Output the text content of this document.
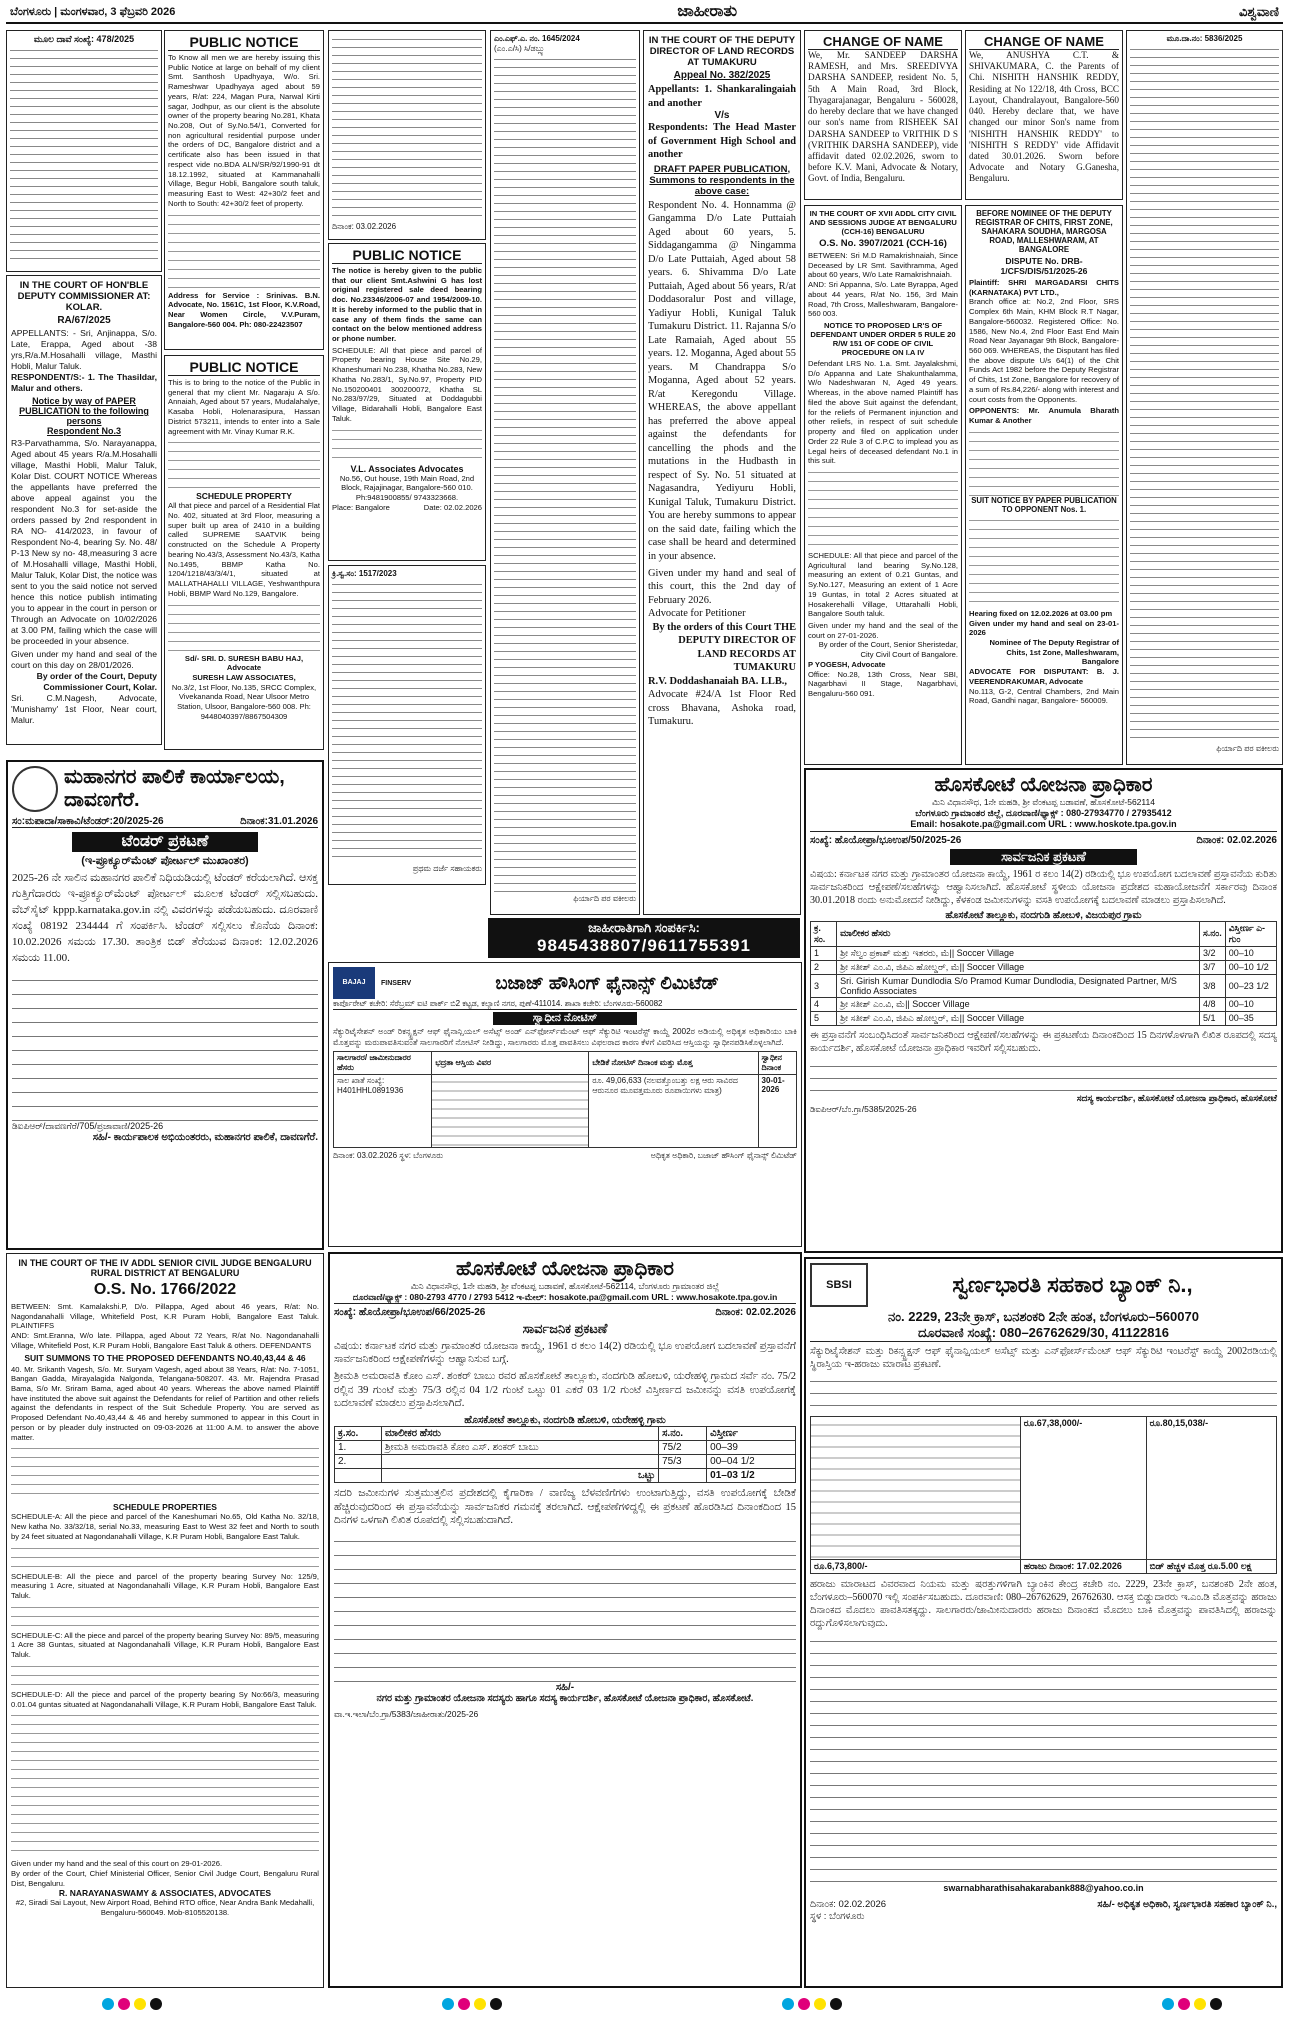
ಬೆಂಗಳೂರು | ಮಂಗಳವಾರ, 3 ಫೆಬ್ರವರಿ 2026	ಜಾಹೀರಾತು	ವಿಶ್ವವಾಣಿ
ಮೂಲ ದಾವೆ ಸಂಖ್ಯೆ: 478/2025
IN THE COURT OF HON'BLE DEPUTY COMMISSIONER AT: KOLAR.
RA/67/2025
APPELLANTS: - Sri, Anjinappa, S/o. Late, Erappa, Aged about -38 yrs,R/a.M.Hosahalli village, Masthi Hobli, Malur Taluk.
RESPONDENT/S:- 1. The Thasildar, Malur and others.
Notice by way of PAPER PUBLICATION to the following persons
Respondent No.3
R3-Parvathamma, S/o. Narayanappa, Aged about 45 years R/a.M.Hosahalli village, Masthi Hobli, Malur Taluk, Kolar Dist. COURT NOTICE Whereas the appellants have preferred the above appeal against you the respondent No.3 for set-aside the orders passed by 2nd respondent in RA NO- 414/2023, in favour of Respondent No-4, bearing Sy. No. 48/ P-13 New sy no- 48,measuring 3 acre of M.Hosahalli village, Masthi Hobli, Malur Taluk, Kolar Dist, the notice was sent to you the said notice not served hence this notice publish intimating you to appear in the court in person or Through an Advocate on 10/02/2026 at 3.00 PM, failing which the case will be proceeded in your absence.
Given under my hand and seal of the court on this day on 28/01/2026.
By order of the Court, Deputy Commissioner Court, Kolar.
Sri. C.M.Nagesh, Advocate, 'Munishamy' 1st Floor, Near court, Malur.
PUBLIC NOTICE
To Know all men we are hereby issuing this Public Notice at large on behalf of my client Smt. Santhosh Upadhyaya, W/o. Sri. Rameshwar Upadhyaya aged about 59 years, R/at: 224, Magan Pura, Narwal Kirti sagar, Jodhpur, as our client is the absolute owner of the property bearing No.281, Khata No.208, Out of Sy.No.54/1, Converted for non agricultural residential purpose under the orders of DC, Bangalore district and a certificate also has been issued in that respect vide no.BDA ALN/SR/92/1990-91 dt 18.12.1992, situated at Kammanahalli Village, Begur Hobli, Bangalore south taluk, measuring East to West: 42+30/2 feet and North to South: 42+30/2 feet of property.
Address for Service : Srinivas. B.N. Advocate, No. 1561C, 1st Floor, K.V.Road, Near Women Circle, V.V.Puram, Bangalore-560 004. Ph: 080-22423507
PUBLIC NOTICE
This is to bring to the notice of the Public in general that my client Mr. Nagaraju A S/o. Annaiah, Aged about 57 years, Mudalahalye, Kasaba Hobli, Holenarasipura, Hassan District 573211, intends to enter into a Sale agreement with Mr. Vinay Kumar R.K.
SCHEDULE PROPERTY
All that piece and parcel of a Residential Flat No. 402, situated at 3rd Floor, measuring a super built up area of 2410 in a building called SUPREME SAATVIK being constructed on the Schedule A Property bearing No.43/3, Assessment No.43/3, Katha No.1495, BBMP Katha No. 1204/1218/43/3/4/1, situated at MALLATHAHALLI VILLAGE, Yeshwanthpura Hobli, BBMP Ward No.129, Bangalore.
Sd/- SRI. D. SURESH BABU HAJ, Advocate
SURESH LAW ASSOCIATES,
No.3/2, 1st Floor, No.135, SRCC Complex, Vivekananda Road, Near Ulsoor Metro Station, Ulsoor, Bangalore-560 008. Ph: 9448040397/8867504309
ದಿನಾಂಕ: 03.02.2026
PUBLIC NOTICE
The notice is hereby given to the public that our client Smt.Ashwini G has lost original registered sale deed bearing doc. No.23346/2006-07 and 1954/2009-10. It is hereby informed to the public that in case any of them finds the same can contact on the below mentioned address or phone number.
SCHEDULE: All that piece and parcel of Property bearing House Site No.29, Khaneshumari No.238, Khatha No.283, New Khatha No.283/1, Sy.No.97, Property PID No.150200401 300200072, Khatha SL No.283/97/29, Situated at Doddagubbi Village, Bidarahalli Hobli, Bangalore East Taluk.
V.L. Associates Advocates
No.56, Out house, 19th Main Road, 2nd Block, Rajajinagar, Bangalore-560 010. Ph:9481900855/ 9743323668.
Place: Bangalore	Date: 02.02.2026
ಕ್ರಿ.ಸ್ವ.ಸಂ: 1517/2023
ಪ್ರಥಮ ದರ್ಜೆ ಸಹಾಯಕರು
ಎಂ.ಎಫ್.ಎ. ನಂ. 1645/2024
(ಎಂ.ಎ/ಸಿ) ಸಿ/ಡಬ್ಲ್ಯು
ಫಿರ್ಯಾದಿ ಪರ ವಕೀಲರು
IN THE COURT OF THE DEPUTY DIRECTOR OF LAND RECORDS AT TUMAKURU
Appeal No. 382/2025
Appellants: 1. Shankaralingaiah and another
V/s
Respondents: The Head Master of Government High School and another
DRAFT PAPER PUBLICATION, Summons to respondents in the above case:
Respondent No. 4. Honnamma @ Gangamma D/o Late Puttaiah Aged about 60 years, 5. Siddagangamma @ Ningamma D/o Late Puttaiah, Aged about 58 years. 6. Shivamma D/o Late Puttaiah, Aged about 56 years, R/at Doddasoralur Post and village, Yadiyur Hobli, Kunigal Taluk Tumakuru District. 11. Rajanna S/o Late Ramaiah, Aged about 55 years. 12. Moganna, Aged about 55 years. M Chandrappa S/o Moganna, Aged about 52 years. R/at Keregondu Village. WHEREAS, the above appellant has preferred the above appeal against the defendants for cancelling the phods and the mutations in the Hudbasth in respect of Sy. No. 51 situated at Nagasandra, Yediyuru Hobli, Kunigal Taluk, Tumakuru District. You are hereby summons to appear on the said date, failing which the case shall be heard and determined in your absence.
Given under my hand and seal of this court, this the 2nd day of February 2026.
Advocate for Petitioner
By the orders of this Court THE DEPUTY DIRECTOR OF LAND RECORDS AT TUMAKURU
R.V. Doddashanaiah BA. LLB.,
Advocate #24/A 1st Floor Red cross Bhavana, Ashoka road, Tumakuru.
CHANGE OF NAME
We, Mr. SANDEEP DARSHA RAMESH, and Mrs. SREEDIVYA DARSHA SANDEEP, resident No. 5, 5th A Main Road, 3rd Block, Thyagarajanagar, Bengaluru - 560028, do hereby declare that we have changed our son's name from RISHEEK SAI DARSHA SANDEEP to VRITHIK D S (VRITHIK DARSHA SANDEEP), vide affidavit dated 02.02.2026, sworn to before K.V. Mani, Advocate & Notary, Govt. of India, Bengaluru.
IN THE COURT OF XVII ADDL CITY CIVIL AND SESSIONS JUDGE AT BENGALURU (CCH-16) BENGALURU
O.S. No. 3907/2021 (CCH-16)
BETWEEN: Sri M.D Ramakrishnaiah, Since Deceased by LR Smt. Savithramma, Aged about 60 years, W/o Late Ramakrishnaiah.
AND: Sri Appanna, S/o. Late Byrappa, Aged about 44 years, R/at No. 156, 3rd Main Road, 7th Cross, Malleshwaram, Bangalore-560 003.
NOTICE TO PROPOSED LR'S OF DEFENDANT UNDER ORDER 5 RULE 20 R/W 151 OF CODE OF CIVIL PROCEDURE ON I.A IV
Defendant LRS No. 1.a. Smt. Jayalakshmi, D/o Appanna and Late Shakunthalamma, W/o Nadeshwaran N, Aged 49 years. Whereas, in the above named Plaintiff has filed the above Suit against the defendant, for the reliefs of Permanent injunction and other reliefs, in respect of suit schedule property and filed on application under Order 22 Rule 3 of C.P.C to implead you as Legal heirs of deceased defendant No.1 in this suit.
SCHEDULE: All that piece and parcel of the Agricultural land bearing Sy.No.128, measuring an extent of 0.21 Guntas, and Sy.No.127, Measuring an extent of 1 Acre 19 Guntas, in total 2 Acres situated at Hosakerehalli Village, Uttarahalli Hobli, Bangalore South taluk.
Given under my hand and the seal of the court on 27-01-2026.
By order of the Court, Senior Sheristedar, City Civil Court of Bangalore.
P YOGESH, Advocate
Office: No.28, 13th Cross, Near SBI, Nagarbhavi II Stage, Nagarbhavi, Bengaluru-560 091.
CHANGE OF NAME
We, ANUSHYA C.T. & SHIVAKUMARA, C. the Parents of Chi. NISHITH HANSHIK REDDY, Residing at No 122/18, 4th Cross, BCC Layout, Chandralayout, Bangalore-560 040. Hereby declare that, we have changed our minor Son's name from 'NISHITH HANSHIK REDDY' to 'NISHITH S REDDY' vide Affidavit dated 30.01.2026. Sworn before Advocate and Notary G.Ganesha, Bengaluru.
BEFORE NOMINEE OF THE DEPUTY REGISTRAR OF CHITS, FIRST ZONE, SAHAKARA SOUDHA, MARGOSA ROAD, MALLESHWARAM, AT BANGALORE
DISPUTE No. DRB-1/CFS/DIS/51/2025-26
Plaintiff: SHRI MARGADARSI CHITS (KARNATAKA) PVT LTD.,
Branch office at: No.2, 2nd Floor, SRS Complex 6th Main, KHM Block R.T Nagar, Bangalore-560032. Registered Office: No. 1586, New No.4, 2nd Floor East End Main Road Near Jayanagar 9th Block, Bangalore-560 069. WHEREAS, the Disputant has filed the above dispute U/s 64(1) of the Chit Funds Act 1982 before the Deputy Registrar of Chits, 1st Zone, Bangalore for recovery of a sum of Rs.84,226/- along with interest and court costs from the Opponents.
OPPONENTS: Mr. Anumula Bharath Kumar & Another
SUIT NOTICE BY PAPER PUBLICATION TO OPPONENT Nos. 1.
Hearing fixed on 12.02.2026 at 03.00 pm
Given under my hand and seal on 23-01-2026
Nominee of The Deputy Registrar of Chits, 1st Zone, Malleshwaram, Bangalore
ADVOCATE FOR DISPUTANT: B. J. VEERENDRAKUMAR, Advocate
No.113, G-2, Central Chambers, 2nd Main Road, Gandhi nagar, Bangalore- 560009.
ಮೂ.ದಾ.ನಂ: 5836/2025
ಫಿರ್ಯಾದಿ ಪರ ವಕೀಲರು
ಮಹಾನಗರ ಪಾಲಿಕೆ ಕಾರ್ಯಾಲಯ, ದಾವಣಗೆರೆ.
ಸಂ:ಮಪಾದಾ/ಸಾಕಾವಿ/ಟೆಂಡರ್:20/2025-26	ದಿನಾಂಕ:31.01.2026
ಟೆಂಡರ್ ಪ್ರಕಟಣೆ
(ಇ-ಪ್ರೂಕ್ಯೂರ್‌ಮೆಂಟ್ ಪೋರ್ಟಲ್ ಮುಖಾಂತರ)
2025-26 ನೇ ಸಾಲಿನ ಮಹಾನಗರ ಪಾಲಿಕೆ ನಿಧಿಯಡಿಯಲ್ಲಿ ಟೆಂಡರ್ ಕರೆಯಲಾಗಿದೆ. ಆಸಕ್ತ ಗುತ್ತಿಗೆದಾರರು ಇ-ಪ್ರೂಕ್ಯೂರ್‌ಮೆಂಟ್ ಪೋರ್ಟಲ್ ಮೂಲಕ ಟೆಂಡರ್ ಸಲ್ಲಿಸಬಹುದು. ವೆಬ್‌ಸೈಟ್ kppp.karnataka.gov.in ನಲ್ಲಿ ವಿವರಗಳನ್ನು ಪಡೆಯಬಹುದು. ದೂರವಾಣಿ ಸಂಖ್ಯೆ 08192 234444 ಗೆ ಸಂಪರ್ಕಿಸಿ. ಟೆಂಡರ್ ಸಲ್ಲಿಸಲು ಕೊನೆಯ ದಿನಾಂಕ: 10.02.2026 ಸಮಯ 17.30. ತಾಂತ್ರಿಕ ಬಿಡ್ ತೆರೆಯುವ ದಿನಾಂಕ: 12.02.2026 ಸಮಯ 11.00.
ಡಿಐಪಿಆರ್/ದಾವಣಗೆರೆ/705/ಪ್ರಜಾವಾಣಿ/2025-26
ಸಹಿ/- ಕಾರ್ಯಪಾಲಕ ಅಭಿಯಂತರರು, ಮಹಾನಗರ ಪಾಲಿಕೆ, ದಾವಣಗೆರೆ.
IN THE COURT OF THE IV ADDL SENIOR CIVIL JUDGE BENGALURU RURAL DISTRICT AT BENGALURU
O.S. No. 1766/2022
BETWEEN: Smt. Kamalakshi.P, D/o. Pillappa, Aged about 46 years, R/at: No. Nagondanahalli Village, Whitefield Post, K.R Puram Hobli, Bangalore East Taluk. PLAINTIFFS
AND: Smt.Eranna, W/o late. Pillappa, aged About 72 Years, R/at No. Nagondanahalli Village, Whitefield Post, K.R Puram Hobli, Bangalore East Taluk & others. DEFENDANTS
SUIT SUMMONS TO THE PROPOSED DEFENDANTS NO.40,43,44 & 46
40. Mr. Srikanth Vagesh, S/o. Mr. Suryam Vagesh, aged about 38 Years, R/at: No. 7-1051, Bangan Gadda, Mirayalagida Nalgonda, Telangana-508207. 43. Mr. Rajendra Prasad Bama, S/o Mr. Sriram Bama, aged about 40 years. Whereas the above named Plaintiff have instituted the above suit against the Defendants for relief of Partition and other reliefs against the defendants in respect of the Suit Schedule Property. You are served as Proposed Defendant No.40,43,44 & 46 and hereby summoned to appear in this Court in person or by pleader duly instructed on 09-03-2026 at 11:00 A.M. to answer the above matter.
SCHEDULE PROPERTIES
SCHEDULE-A: All the piece and parcel of the Kaneshumari No.65, Old Katha No. 32/18, New katha No. 33/32/18, serial No.33, measuring East to West 32 feet and North to south by 24 feet situated at Nagondanahalli Village, K.R Puram Hobli, Bangalore East Taluk.
SCHEDULE-B: All the piece and parcel of the property bearing Survey No: 125/9, measuring 1 Acre, situated at Nagondanahalli Village, K.R Puram Hobli, Bangalore East Taluk.
SCHEDULE-C: All the piece and parcel of the property bearing Survey No: 89/5, measuring 1 Acre 38 Guntas, situated at Nagondanahalli Village, K.R Puram Hobli, Bangalore East Taluk.
SCHEDULE-D: All the piece and parcel of the property bearing Sy No:66/3, measuring 0.01.04 guntas situated at Nagondanahalli Village, K.R Puram Hobli, Bangalore East Taluk.
Given under my hand and the seal of this court on 29-01-2026.
By order of the Court, Chief Ministerial Officer, Senior Civil Judge Court, Bengaluru Rural Dist, Bengaluru.
R. NARAYANASWAMY & ASSOCIATES, ADVOCATES
#2, Siradi Sai Layout, New Airport Road, Behind RTO office, Near Andra Bank Medahalli, Bengaluru-560049. Mob-8105520138.
ಜಾಹೀರಾತಿಗಾಗಿ ಸಂಪರ್ಕಿಸಿ:
9845438807/9611755391
BAJAJ	FINSERV	ಬಜಾಜ್ ಹೌಸಿಂಗ್ ಫೈನಾನ್ಸ್ ಲಿಮಿಟೆಡ್
ಕಾರ್ಪೊರೇಟ್ ಕಚೇರಿ: ಸೆರೆಬ್ರಮ್ ಐಟಿ ಪಾರ್ಕ್ ಬಿ2 ಕಟ್ಟಡ, ಕಲ್ಯಾಣಿ ನಗರ, ಪುಣೆ-411014. ಶಾಖಾ ಕಚೇರಿ: ಬೆಂಗಳೂರು-560082
ಸ್ವಾಧೀನ ನೋಟಿಸ್
ಸೆಕ್ಯುರಿಟೈಸೇಶನ್ ಅಂಡ್ ರಿಕನ್ಸ್ಟ್ರಕ್ಷನ್ ಆಫ್ ಫೈನಾನ್ಷಿಯಲ್ ಅಸೆಟ್ಸ್ ಅಂಡ್ ಎನ್‌ಫೋರ್ಸ್‌ಮೆಂಟ್ ಆಫ್ ಸೆಕ್ಯುರಿಟಿ ಇಂಟರೆಸ್ಟ್ ಕಾಯ್ದೆ 2002ರ ಅಡಿಯಲ್ಲಿ ಅಧಿಕೃತ ಅಧಿಕಾರಿಯು ಬಾಕಿ ಮೊತ್ತವನ್ನು ಮರುಪಾವತಿಸುವಂತೆ ಸಾಲಗಾರರಿಗೆ ನೋಟಿಸ್ ನೀಡಿದ್ದು, ಸಾಲಗಾರರು ಮೊತ್ತ ಪಾವತಿಸಲು ವಿಫಲರಾದ ಕಾರಣ ಕೆಳಗೆ ವಿವರಿಸಿದ ಆಸ್ತಿಯನ್ನು ಸ್ವಾಧೀನಪಡಿಸಿಕೊಳ್ಳಲಾಗಿದೆ.
ಸಾಲಗಾರರ/ ಜಾಮೀನುದಾರರ ಹೆಸರು	ಭದ್ರತಾ ಆಸ್ತಿಯ ವಿವರ	ಬೇಡಿಕೆ ನೋಟಿಸ್ ದಿನಾಂಕ ಮತ್ತು ಮೊತ್ತ	ಸ್ವಾಧೀನ ದಿನಾಂಕ
ಸಾಲ ಖಾತೆ ಸಂಖ್ಯೆ: H401HHL0891936		ರೂ. 49,06,633 (ನಲವತ್ತೊಂಬತ್ತು ಲಕ್ಷ ಆರು ಸಾವಿರದ ಆರುನೂರ ಮೂವತ್ತಮೂರು ರೂಪಾಯಿಗಳು ಮಾತ್ರ)	30-01-2026
ದಿನಾಂಕ: 03.02.2026 ಸ್ಥಳ: ಬೆಂಗಳೂರು	ಅಧಿಕೃತ ಅಧಿಕಾರಿ, ಬಜಾಜ್ ಹೌಸಿಂಗ್ ಫೈನಾನ್ಸ್ ಲಿಮಿಟೆಡ್
ಹೊಸಕೋಟೆ ಯೋಜನಾ ಪ್ರಾಧಿಕಾರ
ಮಿನಿ ವಿಧಾನಸೌಧ, 1ನೇ ಮಹಡಿ, ಶ್ರೀ ವೆಂಕಟಪ್ಪ ಬಡಾವಣೆ, ಹೊಸಕೋಟೆ-562114, ಬೆಂಗಳೂರು ಗ್ರಾಮಾಂತರ ಜಿಲ್ಲೆ
ದೂರವಾಣಿ/ಫ್ಯಾಕ್ಸ್ : 080-2793 4770 / 2793 5412 ಇ-ಮೇಲ್: hosakote.pa@gmail.com URL : www.hosakote.tpa.gov.in
ಸಂಖ್ಯೆ: ಹೊಯೋಪ್ರಾ/ಭೂಉಪ/66/2025-26	ದಿನಾಂಕ: 02.02.2026
ಸಾರ್ವಜನಿಕ ಪ್ರಕಟಣೆ
ವಿಷಯ: ಕರ್ನಾಟಕ ನಗರ ಮತ್ತು ಗ್ರಾಮಾಂತರ ಯೋಜನಾ ಕಾಯ್ದೆ, 1961 ರ ಕಲಂ 14(2) ರಡಿಯಲ್ಲಿ ಭೂ ಉಪಯೋಗ ಬದಲಾವಣೆ ಪ್ರಸ್ತಾವನೆಗೆ ಸಾರ್ವಜನಿಕರಿಂದ ಆಕ್ಷೇಪಣೆಗಳನ್ನು ಆಹ್ವಾನಿಸುವ ಬಗ್ಗೆ.
ಶ್ರೀಮತಿ ಅಮರಾವತಿ ಕೋಂ ಎಸ್. ಶಂಕರ್ ಬಾಬು ರವರ ಹೊಸಕೋಟೆ ತಾಲ್ಲೂಕು, ನಂದಗುಡಿ ಹೋಬಳಿ, ಯರೇಹಳ್ಳಿ ಗ್ರಾಮದ ಸರ್ವೆ ನಂ. 75/2 ರಲ್ಲಿನ 39 ಗುಂಟೆ ಮತ್ತು 75/3 ರಲ್ಲಿನ 04 1/2 ಗುಂಟೆ ಒಟ್ಟು 01 ಎಕರೆ 03 1/2 ಗುಂಟೆ ವಿಸ್ತೀರ್ಣದ ಜಮೀನನ್ನು ವಸತಿ ಉಪಯೋಗಕ್ಕೆ ಬದಲಾವಣೆ ಮಾಡಲು ಪ್ರಸ್ತಾಪಿಸಲಾಗಿದೆ.
ಹೊಸಕೋಟೆ ತಾಲ್ಲೂಕು, ನಂದಗುಡಿ ಹೋಬಳಿ, ಯರೇಹಳ್ಳಿ ಗ್ರಾಮ
ಕ್ರ.ಸಂ.	ಮಾಲೀಕರ ಹೆಸರು	ಸ.ನಂ.	ವಿಸ್ತೀರ್ಣ
1.	ಶ್ರೀಮತಿ ಅಮರಾವತಿ ಕೋಂ ಎಸ್. ಶಂಕರ್ ಬಾಬು	75/2	00–39
2.		75/3	00–04 1/2
	ಒಟ್ಟು		01–03 1/2
ಸದರಿ ಜಮೀನುಗಳ ಸುತ್ತಮುತ್ತಲಿನ ಪ್ರದೇಶದಲ್ಲಿ ಕೈಗಾರಿಕಾ / ವಾಣಿಜ್ಯ ಬೆಳವಣಿಗೆಗಳು ಉಂಟಾಗುತ್ತಿದ್ದು, ವಸತಿ ಉಪಯೋಗಕ್ಕೆ ಬೇಡಿಕೆ ಹೆಚ್ಚಿರುವುದರಿಂದ ಈ ಪ್ರಸ್ತಾವನೆಯನ್ನು ಸಾರ್ವಜನಿಕರ ಗಮನಕ್ಕೆ ತರಲಾಗಿದೆ. ಆಕ್ಷೇಪಣೆಗಳಿದ್ದಲ್ಲಿ ಈ ಪ್ರಕಟಣೆ ಹೊರಡಿಸಿದ ದಿನಾಂಕದಿಂದ 15 ದಿನಗಳ ಒಳಗಾಗಿ ಲಿಖಿತ ರೂಪದಲ್ಲಿ ಸಲ್ಲಿಸಬಹುದಾಗಿದೆ.
ಸಹಿ/-
ನಗರ ಮತ್ತು ಗ್ರಾಮಾಂತರ ಯೋಜನಾ ಸದಸ್ಯರು ಹಾಗೂ ಸದಸ್ಯ ಕಾರ್ಯದರ್ಶಿ, ಹೊಸಕೋಟೆ ಯೋಜನಾ ಪ್ರಾಧಿಕಾರ, ಹೊಸಕೋಟೆ.
ವಾ.ಇ.ಇಲಾ/ಬೆಂ.ಗ್ರಾ/5383/ಜಾಹೀರಾತು/2025-26
ಹೊಸಕೋಟೆ ಯೋಜನಾ ಪ್ರಾಧಿಕಾರ
ಮಿನಿ ವಿಧಾನಸೌಧ, 1ನೇ ಮಹಡಿ, ಶ್ರೀ ವೆಂಕಟಪ್ಪ ಬಡಾವಣೆ, ಹೊಸಕೋಟೆ-562114
ಬೆಂಗಳೂರು ಗ್ರಾಮಾಂತರ ಜಿಲ್ಲೆ, ದೂರವಾಣಿ/ಫ್ಯಾಕ್ಸ್ : 080-27934770 / 27935412
Email: hosakote.pa@gmail.com URL : www.hoskote.tpa.gov.in
ಸಂಖ್ಯೆ: ಹೊಯೋಪ್ರಾ/ಭೂಉಪ/50/2025-26	ದಿನಾಂಕ: 02.02.2026
ಸಾರ್ವಜನಿಕ ಪ್ರಕಟಣೆ
ವಿಷಯ: ಕರ್ನಾಟಕ ನಗರ ಮತ್ತು ಗ್ರಾಮಾಂತರ ಯೋಜನಾ ಕಾಯ್ದೆ, 1961 ರ ಕಲಂ 14(2) ರಡಿಯಲ್ಲಿ ಭೂ ಉಪಯೋಗ ಬದಲಾವಣೆ ಪ್ರಸ್ತಾವನೆಯ ಕುರಿತು ಸಾರ್ವಜನಿಕರಿಂದ ಆಕ್ಷೇಪಣೆ/ಸಲಹೆಗಳನ್ನು ಆಹ್ವಾನಿಸಲಾಗಿದೆ. ಹೊಸಕೋಟೆ ಸ್ಥಳೀಯ ಯೋಜನಾ ಪ್ರದೇಶದ ಮಹಾಯೋಜನೆಗೆ ಸರ್ಕಾರವು ದಿನಾಂಕ 30.01.2018 ರಂದು ಅನುಮೋದನೆ ನೀಡಿದ್ದು, ಕೆಳಕಂಡ ಜಮೀನುಗಳನ್ನು ವಸತಿ ಉಪಯೋಗಕ್ಕೆ ಬದಲಾವಣೆ ಮಾಡಲು ಪ್ರಸ್ತಾಪಿಸಲಾಗಿದೆ.
ಹೊಸಕೋಟೆ ತಾಲ್ಲೂಕು, ನಂದಗುಡಿ ಹೋಬಳಿ, ವಿಜಯಪುರ ಗ್ರಾಮ
ಕ್ರ. ಸಂ.	ಮಾಲೀಕರ ಹೆಸರು	ಸ.ನಂ.	ವಿಸ್ತೀರ್ಣ ಎ-ಗುಂ
1	ಶ್ರೀ ಸೆಲ್ವಂ ಪ್ರಕಾಶ್ ಮತ್ತು ಇತರರು, ಮೆ|| Soccer Village	3/2	00–10
2	ಶ್ರೀ ಸತೀಶ್ ಎಂ.ವಿ, ಜಿಪಿಎ ಹೋಲ್ಡರ್, ಮೆ|| Soccer Village	3/7	00–10 1/2
3	Sri. Girish Kumar Dundlodia S/o Pramod Kumar Dundlodia, Designated Partner, M/S Confido Associates	3/8	00–23 1/2
4	ಶ್ರೀ ಸತೀಶ್ ಎಂ.ವಿ, ಮೆ|| Soccer Village	4/8	00–10
5	ಶ್ರೀ ಸತೀಶ್ ಎಂ.ವಿ, ಜಿಪಿಎ ಹೋಲ್ಡರ್, ಮೆ|| Soccer Village	5/1	00–35
ಈ ಪ್ರಸ್ತಾವನೆಗೆ ಸಂಬಂಧಿಸಿದಂತೆ ಸಾರ್ವಜನಿಕರಿಂದ ಆಕ್ಷೇಪಣೆ/ಸಲಹೆಗಳನ್ನು ಈ ಪ್ರಕಟಣೆಯ ದಿನಾಂಕದಿಂದ 15 ದಿನಗಳೊಳಗಾಗಿ ಲಿಖಿತ ರೂಪದಲ್ಲಿ ಸದಸ್ಯ ಕಾರ್ಯದರ್ಶಿ, ಹೊಸಕೋಟೆ ಯೋಜನಾ ಪ್ರಾಧಿಕಾರ ಇವರಿಗೆ ಸಲ್ಲಿಸಬಹುದು.
ಸದಸ್ಯ ಕಾರ್ಯದರ್ಶಿ, ಹೊಸಕೋಟೆ ಯೋಜನಾ ಪ್ರಾಧಿಕಾರ, ಹೊಸಕೋಟೆ
ಡಿಐಪಿಆರ್/ಬೆಂ.ಗ್ರಾ/5385/2025-26
SBSI	ಸ್ವರ್ಣಭಾರತಿ ಸಹಕಾರ ಬ್ಯಾಂಕ್ ನಿ.,
ನಂ. 2229, 23ನೇ ಕ್ರಾಸ್, ಬನಶಂಕರಿ 2ನೇ ಹಂತ, ಬೆಂಗಳೂರು–560070
ದೂರವಾಣಿ ಸಂಖ್ಯೆ: 080–26762629/30, 41122816
ಸೆಕ್ಯುರಿಟೈಸೇಶನ್ ಮತ್ತು ರಿಕನ್ಸ್ಟ್ರಕ್ಷನ್ ಆಫ್ ಫೈನಾನ್ಷಿಯಲ್ ಅಸೆಟ್ಸ್ ಮತ್ತು ಎನ್‌ಫೋರ್ಸ್‌ಮೆಂಟ್ ಆಫ್ ಸೆಕ್ಯುರಿಟಿ ಇಂಟರೆಸ್ಟ್ ಕಾಯ್ದೆ 2002ರಡಿಯಲ್ಲಿ ಸ್ಥಿರಾಸ್ತಿಯ ಇ-ಹರಾಜು ಮಾರಾಟ ಪ್ರಕಟಣೆ.
	ರೂ.67,38,000/-	ರೂ.80,15,038/-
ರೂ.6,73,800/-	ಹರಾಜು ದಿನಾಂಕ: 17.02.2026	ಬಿಡ್ ಹೆಚ್ಚಳ ಮೊತ್ತ ರೂ.5.00 ಲಕ್ಷ
ಹರಾಜು ಮಾರಾಟದ ವಿವರವಾದ ನಿಯಮ ಮತ್ತು ಷರತ್ತುಗಳಿಗಾಗಿ ಬ್ಯಾಂಕಿನ ಕೇಂದ್ರ ಕಚೇರಿ ನಂ. 2229, 23ನೇ ಕ್ರಾಸ್, ಬನಶಂಕರಿ 2ನೇ ಹಂತ, ಬೆಂಗಳೂರು–560070 ಇಲ್ಲಿ ಸಂಪರ್ಕಿಸಬಹುದು. ದೂರವಾಣಿ: 080–26762629, 26762630. ಆಸಕ್ತ ಬಿಡ್ಡುದಾರರು ಇ.ಎಂ.ಡಿ ಮೊತ್ತವನ್ನು ಹರಾಜು ದಿನಾಂಕದ ಮೊದಲು ಪಾವತಿಸತಕ್ಕದ್ದು. ಸಾಲಗಾರರು/ಜಾಮೀನುದಾರರು ಹರಾಜು ದಿನಾಂಕದ ಮೊದಲು ಬಾಕಿ ಮೊತ್ತವನ್ನು ಪಾವತಿಸಿದಲ್ಲಿ ಹರಾಜನ್ನು ರದ್ದುಗೊಳಿಸಲಾಗುವುದು.
swarnabharathisahakarabank888@yahoo.co.in
ದಿನಾಂಕ: 02.02.2026	ಸಹಿ/- ಅಧಿಕೃತ ಅಧಿಕಾರಿ, ಸ್ವರ್ಣಭಾರತಿ ಸಹಕಾರ ಬ್ಯಾಂಕ್ ನಿ.,
ಸ್ಥಳ : ಬೆಂಗಳೂರು
